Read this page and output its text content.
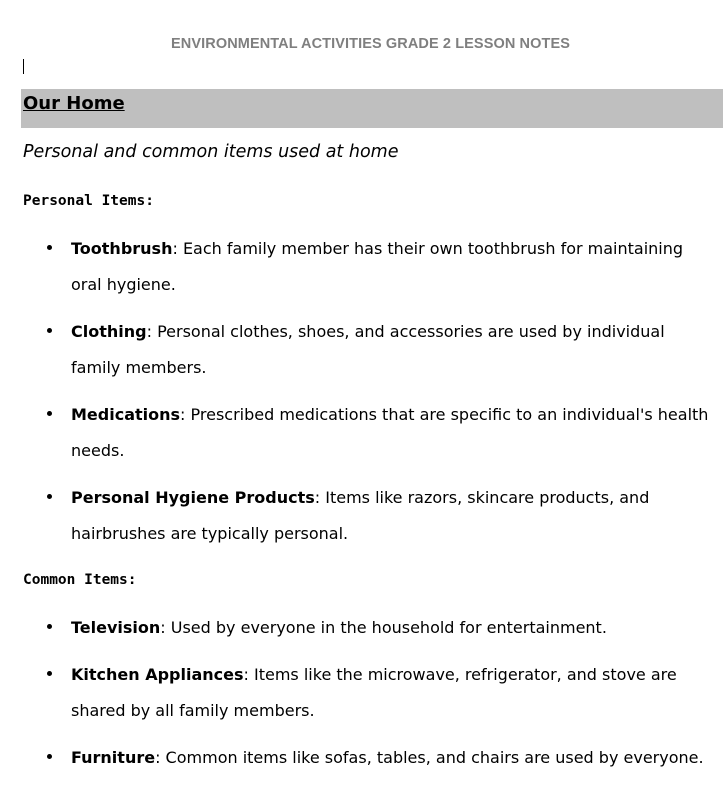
ENVIRONMENTAL ACTIVITIES GRADE 2 LESSON NOTES
Our Home
Personal and common items used at home
Personal Items:
Toothbrush: Each family member has their own toothbrush for maintaining oral hygiene.
Clothing: Personal clothes, shoes, and accessories are used by individual family members.
Medications: Prescribed medications that are specific to an individual's health needs.
Personal Hygiene Products: Items like razors, skincare products, and hairbrushes are typically personal.
Common Items:
Television: Used by everyone in the household for entertainment.
Kitchen Appliances: Items like the microwave, refrigerator, and stove are shared by all family members.
Furniture: Common items like sofas, tables, and chairs are used by everyone.
